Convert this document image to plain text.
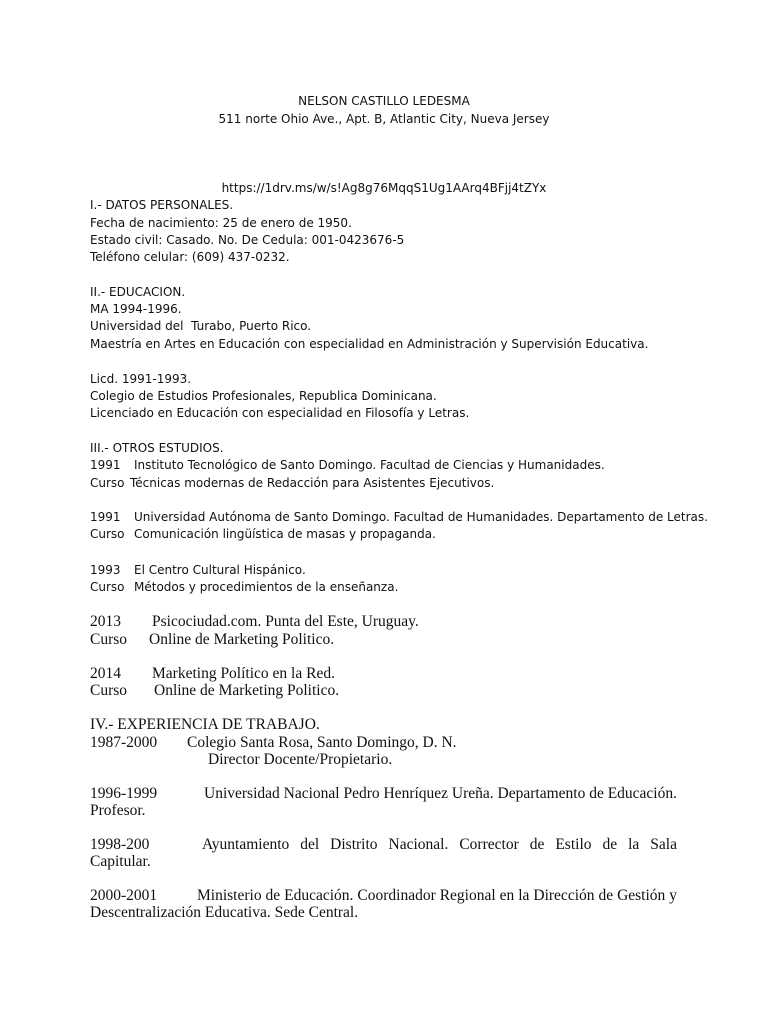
NELSON CASTILLO LEDESMA
511 norte Ohio Ave., Apt. B, Atlantic City, Nueva Jersey
https://1drv.ms/w/s!Ag8g76MqqS1Ug1AArq4BFjj4tZYx
I.- DATOS PERSONALES.
Fecha de nacimiento: 25 de enero de 1950.
Estado civil: Casado. No. De Cedula: 001-0423676-5
Teléfono celular: (609) 437-0232.
II.- EDUCACION.
MA 1994-1996.
Universidad del  Turabo, Puerto Rico.
Maestría en Artes en Educación con especialidad en Administración y Supervisión Educativa.
Licd. 1991-1993.
Colegio de Estudios Profesionales, Republica Dominicana.
Licenciado en Educación con especialidad en Filosofía y Letras.
III.- OTROS ESTUDIOS.
1991 Instituto Tecnológico de Santo Domingo. Facultad de Ciencias y Humanidades.
Curso Técnicas modernas de Redacción para Asistentes Ejecutivos.
1991 Universidad Autónoma de Santo Domingo. Facultad de Humanidades. Departamento de Letras.
Curso Comunicación lingüística de masas y propaganda.
1993 El Centro Cultural Hispánico.
Curso Métodos y procedimientos de la enseñanza.
2013 Psicociudad.com. Punta del Este, Uruguay.
Curso Online de Marketing Politico.
2014 Marketing Político en la Red.
Curso Online de Marketing Politico.
IV.- EXPERIENCIA DE TRABAJO.
1987-2000 Colegio Santa Rosa, Santo Domingo, D. N.
Director Docente/Propietario.
1996-1999	Universidad Nacional Pedro Henríquez Ureña. Departamento de Educación. Profesor.
1998-200	Ayuntamiento del Distrito Nacional. Corrector de Estilo de la Sala Capitular.
2000-2001	Ministerio de Educación. Coordinador Regional en la Dirección de Gestión y Descentralización Educativa. Sede Central.
